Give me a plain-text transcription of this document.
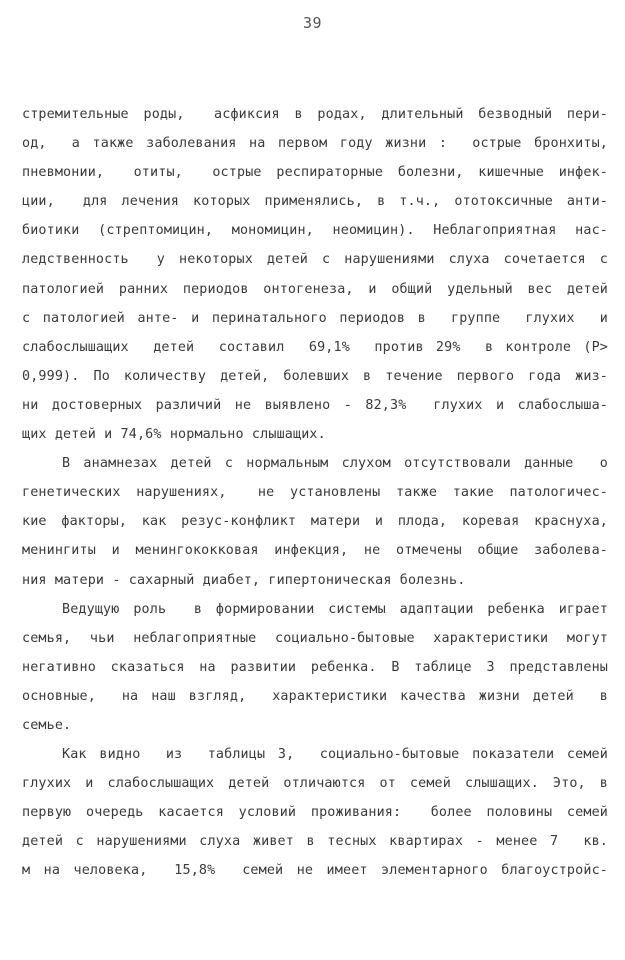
39
стремительные роды,  асфиксия в родах, длительный безводный пери-
од,  а также заболевания на первом году жизни :  острые бронхиты,
пневмонии,  отиты,  острые респираторные болезни, кишечные инфек-
ции,  для лечения которых применялись, в т.ч., ототоксичные анти-
биотики (стрептомицин, мономицин, неомицин). Неблагоприятная нас-
ледственность  у некоторых детей с нарушениями слуха сочетается с
патологией ранних периодов онтогенеза, и общий удельный вес детей
с патологией анте- и перинатального периодов в  группе  глухих  и
слабослышащих  детей  составил  69,1%  против 29%  в контроле (P>
0,999). По количеству детей, болевших в течение первого года жиз-
ни достоверных различий не выявлено - 82,3%  глухих и слабослыша-
щих детей и 74,6% нормально слышащих.
В анамнезах детей с нормальным слухом отсутствовали данные  о
генетических нарушениях,  не установлены также такие патологичес-
кие факторы, как резус-конфликт матери и плода, коревая краснуха,
менингиты и менингококковая инфекция, не отмечены общие заболева-
ния матери - сахарный диабет, гипертоническая болезнь.
Ведущую роль  в формировании системы адаптации ребенка играет
семья, чьи неблагоприятные социально-бытовые характеристики могут
негативно сказаться на развитии ребенка. В таблице 3 представлены
основные,  на наш взгляд,  характеристики качества жизни детей  в
семье.
Как видно  из  таблицы 3,  социально-бытовые показатели семей
глухих и слабослышащих детей отличаются от семей слышащих. Это, в
первую очередь касается условий проживания:  более половины семей
детей с нарушениями слуха живет в тесных квартирах - менее 7  кв.
м на человека,  15,8%  семей не имеет элементарного благоустройс-
